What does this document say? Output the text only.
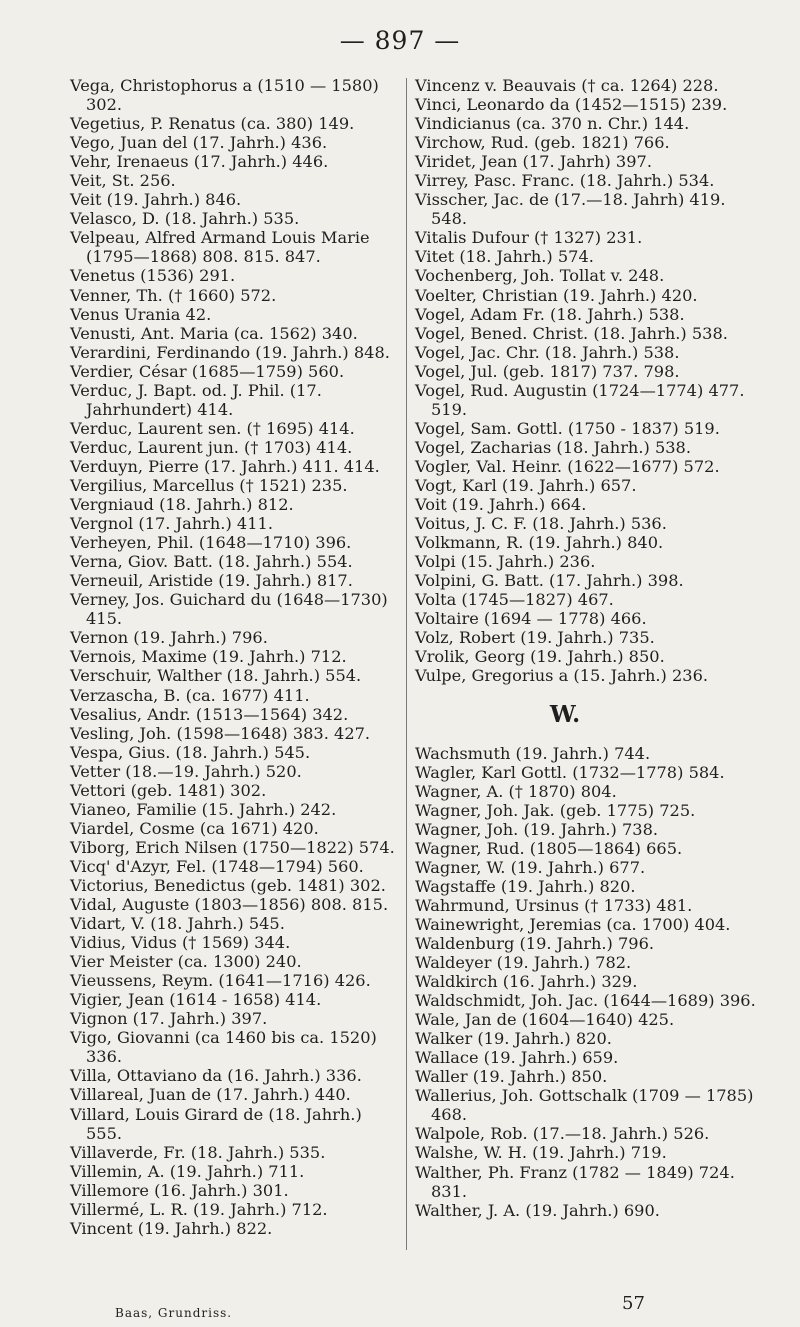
— 897 —
Vega, Christophorus a (1510 — 1580) 302.
Vegetius, P. Renatus (ca. 380) 149.
Vego, Juan del (17. Jahrh.) 436.
Vehr, Irenaeus (17. Jahrh.) 446.
Veit, St. 256.
Veit (19. Jahrh.) 846.
Velasco, D. (18. Jahrh.) 535.
Velpeau, Alfred Armand Louis Marie (1795—1868) 808. 815. 847.
Venetus (1536) 291.
Venner, Th. († 1660) 572.
Venus Urania 42.
Venusti, Ant. Maria (ca. 1562) 340.
Verardini, Ferdinando (19. Jahrh.) 848.
Verdier, César (1685—1759) 560.
Verduc, J. Bapt. od. J. Phil. (17. Jahrhundert) 414.
Verduc, Laurent sen. († 1695) 414.
Verduc, Laurent jun. († 1703) 414.
Verduyn, Pierre (17. Jahrh.) 411. 414.
Vergilius, Marcellus († 1521) 235.
Vergniaud (18. Jahrh.) 812.
Vergnol (17. Jahrh.) 411.
Verheyen, Phil. (1648—1710) 396.
Verna, Giov. Batt. (18. Jahrh.) 554.
Verneuil, Aristide (19. Jahrh.) 817.
Verney, Jos. Guichard du (1648—1730) 415.
Vernon (19. Jahrh.) 796.
Vernois, Maxime (19. Jahrh.) 712.
Verschuir, Walther (18. Jahrh.) 554.
Verzascha, B. (ca. 1677) 411.
Vesalius, Andr. (1513—1564) 342.
Vesling, Joh. (1598—1648) 383. 427.
Vespa, Gius. (18. Jahrh.) 545.
Vetter (18.—19. Jahrh.) 520.
Vettori (geb. 1481) 302.
Vianeo, Familie (15. Jahrh.) 242.
Viardel, Cosme (ca 1671) 420.
Viborg, Erich Nilsen (1750—1822) 574.
Vicq' d'Azyr, Fel. (1748—1794) 560.
Victorius, Benedictus (geb. 1481) 302.
Vidal, Auguste (1803—1856) 808. 815.
Vidart, V. (18. Jahrh.) 545.
Vidius, Vidus († 1569) 344.
Vier Meister (ca. 1300) 240.
Vieussens, Reym. (1641—1716) 426.
Vigier, Jean (1614 - 1658) 414.
Vignon (17. Jahrh.) 397.
Vigo, Giovanni (ca 1460 bis ca. 1520) 336.
Villa, Ottaviano da (16. Jahrh.) 336.
Villareal, Juan de (17. Jahrh.) 440.
Villard, Louis Girard de (18. Jahrh.) 555.
Villaverde, Fr. (18. Jahrh.) 535.
Villemin, A. (19. Jahrh.) 711.
Villemore (16. Jahrh.) 301.
Villermé, L. R. (19. Jahrh.) 712.
Vincent (19. Jahrh.) 822.
Vincenz v. Beauvais († ca. 1264) 228.
Vinci, Leonardo da (1452—1515) 239.
Vindicianus (ca. 370 n. Chr.) 144.
Virchow, Rud. (geb. 1821) 766.
Viridet, Jean (17. Jahrh) 397.
Virrey, Pasc. Franc. (18. Jahrh.) 534.
Visscher, Jac. de (17.—18. Jahrh) 419. 548.
Vitalis Dufour († 1327) 231.
Vitet (18. Jahrh.) 574.
Vochenberg, Joh. Tollat v. 248.
Voelter, Christian (19. Jahrh.) 420.
Vogel, Adam Fr. (18. Jahrh.) 538.
Vogel, Bened. Christ. (18. Jahrh.) 538.
Vogel, Jac. Chr. (18. Jahrh.) 538.
Vogel, Jul. (geb. 1817) 737. 798.
Vogel, Rud. Augustin (1724—1774) 477. 519.
Vogel, Sam. Gottl. (1750 - 1837) 519.
Vogel, Zacharias (18. Jahrh.) 538.
Vogler, Val. Heinr. (1622—1677) 572.
Vogt, Karl (19. Jahrh.) 657.
Voit (19. Jahrh.) 664.
Voitus, J. C. F. (18. Jahrh.) 536.
Volkmann, R. (19. Jahrh.) 840.
Volpi (15. Jahrh.) 236.
Volpini, G. Batt. (17. Jahrh.) 398.
Volta (1745—1827) 467.
Voltaire (1694 — 1778) 466.
Volz, Robert (19. Jahrh.) 735.
Vrolik, Georg (19. Jahrh.) 850.
Vulpe, Gregorius a (15. Jahrh.) 236.
W.
Wachsmuth (19. Jahrh.) 744.
Wagler, Karl Gottl. (1732—1778) 584.
Wagner, A. († 1870) 804.
Wagner, Joh. Jak. (geb. 1775) 725.
Wagner, Joh. (19. Jahrh.) 738.
Wagner, Rud. (1805—1864) 665.
Wagner, W. (19. Jahrh.) 677.
Wagstaffe (19. Jahrh.) 820.
Wahrmund, Ursinus († 1733) 481.
Wainewright, Jeremias (ca. 1700) 404.
Waldenburg (19. Jahrh.) 796.
Waldeyer (19. Jahrh.) 782.
Waldkirch (16. Jahrh.) 329.
Waldschmidt, Joh. Jac. (1644—1689) 396.
Wale, Jan de (1604—1640) 425.
Walker (19. Jahrh.) 820.
Wallace (19. Jahrh.) 659.
Waller (19. Jahrh.) 850.
Wallerius, Joh. Gottschalk (1709 — 1785) 468.
Walpole, Rob. (17.—18. Jahrh.) 526.
Walshe, W. H. (19. Jahrh.) 719.
Walther, Ph. Franz (1782 — 1849) 724. 831.
Walther, J. A. (19. Jahrh.) 690.
Baas, Grundriss.	57
